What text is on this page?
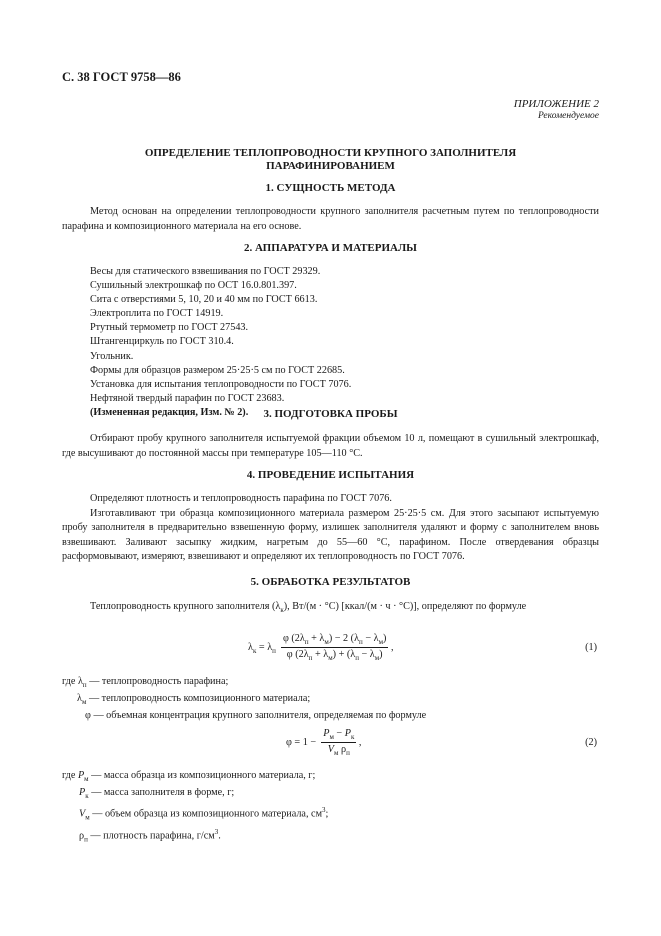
С. 38 ГОСТ 9758—86
ПРИЛОЖЕНИЕ 2
Рекомендуемое
ОПРЕДЕЛЕНИЕ ТЕПЛОПРОВОДНОСТИ КРУПНОГО ЗАПОЛНИТЕЛЯ
ПАРАФИНИРОВАНИЕМ
1. СУЩНОСТЬ МЕТОДА

Метод основан на определении теплопроводности крупного заполнителя расчетным путем по теплопроводности парафина и композиционного материала на его основе.

2. АППАРАТУРА И МАТЕРИАЛЫ
Весы для статического взвешивания по ГОСТ 29329.
Сушильный электрошкаф по ОСТ 16.0.801.397.
Сита с отверстиями 5, 10, 20 и 40 мм по ГОСТ 6613.
Электроплита по ГОСТ 14919.
Ртутный термометр по ГОСТ 27543.
Штангенциркуль по ГОСТ 310.4.
Угольник.
Формы для образцов размером 25·25·5 см по ГОСТ 22685.
Установка для испытания теплопроводности по ГОСТ 7076.
Нефтяной твердый парафин по ГОСТ 23683.
(Измененная редакция, Изм. № 2).	3. ПОДГОТОВКА ПРОБЫ

Отбирают пробу крупного заполнителя испытуемой фракции объемом 10 л, помещают в сушильный электрошкаф, где высушивают до постоянной массы при температуре 105—110 °С.

4. ПРОВЕДЕНИЕ ИСПЫТАНИЯ

Определяют плотность и теплопроводность парафина по ГОСТ 7076.

Изготавливают три образца композиционного материала размером 25·25·5 см. Для этого засыпают испытуемую пробу заполнителя в предварительно взвешенную форму, излишек заполнителя удаляют и форму с заполнителем вновь взвешивают. Заливают засыпку жидким, нагретым до 55—60 °С, парафином. После отвердевания образцы расформовывают, измеряют, взвешивают и определяют их теплопроводность по ГОСТ 7076.

5. ОБРАБОТКА РЕЗУЛЬТАТОВ

Теплопроводность крупного заполнителя $(\lambda_к)$, Вт/(м · °С) [ккал/(м · ч · °С)], определяют по формуле

$\lambda_к = \lambda_п \frac{\varphi (2\lambda_п + \lambda_м) - 2 (\lambda_п - \lambda_м)}{\varphi (2\lambda_п + \lambda_м) + (\lambda_п - \lambda_м)}$ ,	(1)
где $\lambda_п$ — теплопроводность парафина;
$\lambda_м$ — теплопроводность композиционного материала;
φ — объемная концентрация крупного заполнителя, определяемая по формуле
$\varphi = 1 - \frac{P_м - P_к}{V_м \rho_п}$ ,	(2)
где $P_м$ — масса образца из композиционного материала, г;
$P_к$ — масса заполнителя в форме, г;
$V_м$ — объем образца из композиционного материала, $см^3$;
$\rho_п$ — плотность парафина, $г/см^3$.
